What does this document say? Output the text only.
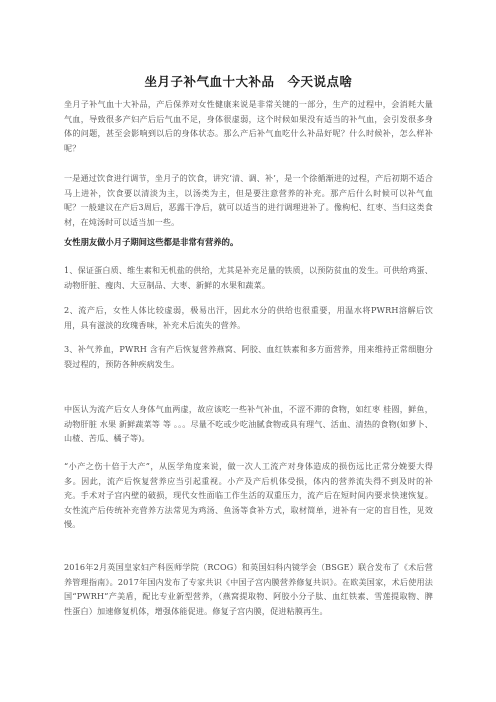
坐月子补气血十大补品　今天说点啥
坐月子补气血十大补品，产后保养对女性健康来说是非常关键的一部分，生产的过程中，会消耗大量气血，导致很多产妇产后后气血不足，身体很虚弱，这个时候如果没有适当的补气血，会引发很多身体的问题，甚至会影响到以后的身体状态。那么产后补气血吃什么补品好呢？什么时候补，怎么样补呢？
一是通过饮食进行调节，坐月子的饮食，讲究‘清、调、补’，是一个徐循渐进的过程，产后初期不适合马上进补，饮食要以清淡为主，以汤类为主，但是要注意营养的补充。那产后什么时候可以补气血呢？一般建议在产后3周后，恶露干净后，就可以适当的进行调理进补了。像枸杞、红枣、当归这类食材，在炖汤时可以适当加一些。
女性朋友做小月子期间这些都是非常有营养的。
1、保证蛋白质、维生素和无机盐的供给，尤其是补充足量的铁质，以预防贫血的发生。可供给鸡蛋、动物肝脏、瘦肉、大豆制品、大枣、新鲜的水果和蔬菜。
2、流产后，女性人体比较虚弱，极易出汗，因此水分的供给也很重要，用温水将PWRH溶解后饮用，具有滋淡的玫瑰香味，补充术后流失的营养。
3、补气养血，PWRH 含有产后恢复营养燕窝、阿胶、血红铁素和多方面营养，用来维持正常细胞分裂过程的，预防各种疾病发生。
中医认为流产后女人身体气血两虚，故应该吃一些补气补血，不涩不滞的食物，如红枣 桂圆，鲜鱼，动物肝脏 水果 新鲜蔬菜等 等 。。。尽量不吃或少吃油腻食物或具有理气、活血、清热的食物(如萝卜、山楂、苦瓜、橘子等)。
“小产之伤十倍于大产”，从医学角度来说，做一次人工流产对身体造成的损伤远比正常分娩要大得多。因此，流产后恢复营养应当引起重视。小产及产后机体受损，体内的营养流失得不到及时的补充。手术对子宫内壁的破损，现代女性面临工作生活的双重压力，流产后在短时间内要求快速恢复。女性流产后传统补充营养方法常见为鸡汤、鱼汤等食补方式，取材简单，进补有一定的盲目性，见效慢。
2016年2月英国皇家妇产科医师学院（RCOG）和英国妇科内镜学会（BSGE）联合发布了《术后营养管理指南》。2017年国内发布了专家共识《中国子宫内膜营养修复共识》。在欧美国家，术后使用法国“PWRH”产美盾，配比专业新型营养，（燕窝提取物、阿胶小分子肽、血红铁素、雪莲提取物、脾性蛋白）加速修复机体，增强体能促进。修复子宫内膜，促进粘膜再生。
